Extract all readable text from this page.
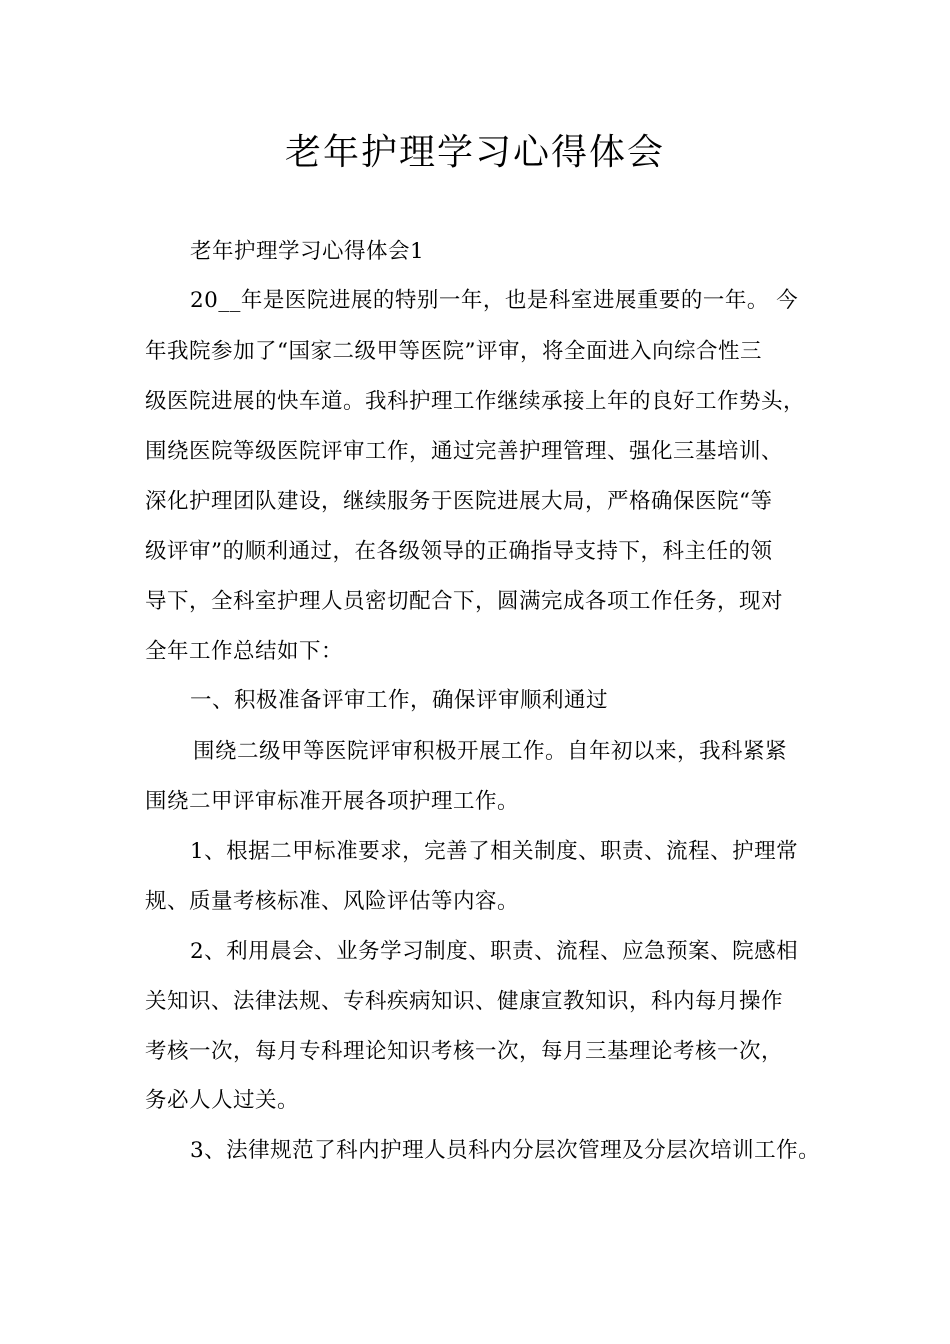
老年护理学习心得体会
老年护理学习心得体会1
20__年是医院进展的特别一年，也是科室进展重要的一年。 今
年我院参加了“国家二级甲等医院”评审，将全面进入向综合性三
级医院进展的快车道。我科护理工作继续承接上年的良好工作势头，
围绕医院等级医院评审工作，通过完善护理管理、强化三基培训、
深化护理团队建设，继续服务于医院进展大局，严格确保医院“等
级评审”的顺利通过，在各级领导的正确指导支持下，科主任的领
导下，全科室护理人员密切配合下，圆满完成各项工作任务，现对
全年工作总结如下：
一、积极准备评审工作，确保评审顺利通过
围绕二级甲等医院评审积极开展工作。自年初以来，我科紧紧
围绕二甲评审标准开展各项护理工作。
1、根据二甲标准要求，完善了相关制度、职责、流程、护理常
规、质量考核标准、风险评估等内容。
2、利用晨会、业务学习制度、职责、流程、应急预案、院感相
关知识、法律法规、专科疾病知识、健康宣教知识，科内每月操作
考核一次，每月专科理论知识考核一次，每月三基理论考核一次，
务必人人过关。
3、法律规范了科内护理人员科内分层次管理及分层次培训工作。
